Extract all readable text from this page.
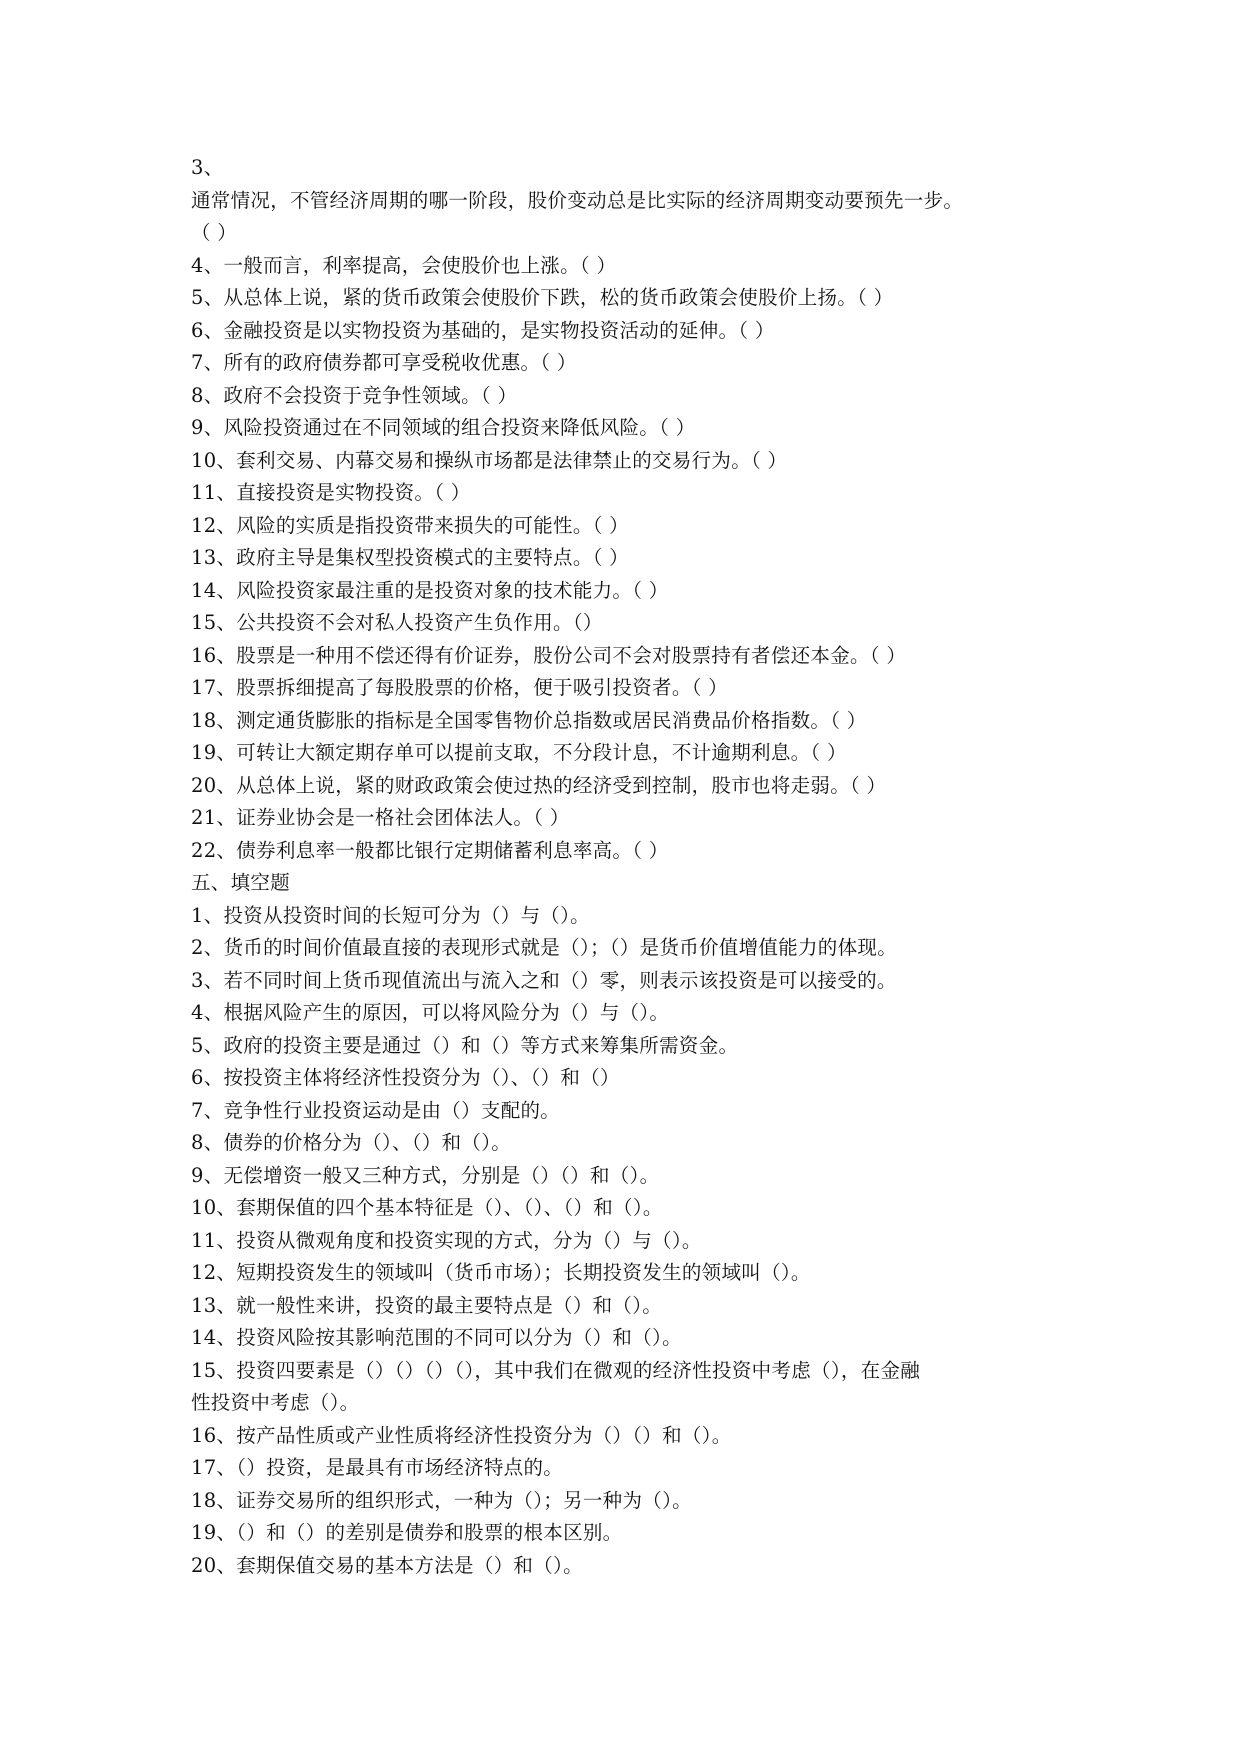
3、
通常情况，不管经济周期的哪一阶段，股价变动总是比实际的经济周期变动要预先一步。
（ ）
4、一般而言，利率提高，会使股价也上涨。（ ）
5、从总体上说，紧的货币政策会使股价下跌，松的货币政策会使股价上扬。（ ）
6、金融投资是以实物投资为基础的，是实物投资活动的延伸。（ ）
7、所有的政府债券都可享受税收优惠。（ ）
8、政府不会投资于竞争性领域。（ ）
9、风险投资通过在不同领域的组合投资来降低风险。（ ）
10、套利交易、内幕交易和操纵市场都是法律禁止的交易行为。（ ）
11、直接投资是实物投资。（ ）
12、风险的实质是指投资带来损失的可能性。（ ）
13、政府主导是集权型投资模式的主要特点。（ ）
14、风险投资家最注重的是投资对象的技术能力。（ ）
15、公共投资不会对私人投资产生负作用。（）
16、股票是一种用不偿还得有价证券，股份公司不会对股票持有者偿还本金。（ ）
17、股票拆细提高了每股股票的价格，便于吸引投资者。（ ）
18、测定通货膨胀的指标是全国零售物价总指数或居民消费品价格指数。（ ）
19、可转让大额定期存单可以提前支取，不分段计息，不计逾期利息。（ ）
20、从总体上说，紧的财政政策会使过热的经济受到控制，股市也将走弱。（ ）
21、证券业协会是一格社会团体法人。（ ）
22、债券利息率一般都比银行定期储蓄利息率高。（ ）
五、填空题
1、投资从投资时间的长短可分为（）与（）。
2、货币的时间价值最直接的表现形式就是（）；（）是货币价值增值能力的体现。
3、若不同时间上货币现值流出与流入之和（）零，则表示该投资是可以接受的。
4、根据风险产生的原因，可以将风险分为（）与（）。
5、政府的投资主要是通过（）和（）等方式来筹集所需资金。
6、按投资主体将经济性投资分为（）、（）和（）
7、竞争性行业投资运动是由（）支配的。
8、债券的价格分为（）、（）和（）。
9、无偿增资一般又三种方式，分别是（）（）和（）。
10、套期保值的四个基本特征是（）、（）、（）和（）。
11、投资从微观角度和投资实现的方式，分为（）与（）。
12、短期投资发生的领域叫（货币市场）；长期投资发生的领域叫（）。
13、就一般性来讲，投资的最主要特点是（）和（）。
14、投资风险按其影响范围的不同可以分为（）和（）。
15、投资四要素是（）（）（）（），其中我们在微观的经济性投资中考虑（），在金融
性投资中考虑（）。
16、按产品性质或产业性质将经济性投资分为（）（）和（）。
17、（）投资，是最具有市场经济特点的。
18、证券交易所的组织形式，一种为（）；另一种为（）。
19、（）和（）的差别是债券和股票的根本区别。
20、套期保值交易的基本方法是（）和（）。
